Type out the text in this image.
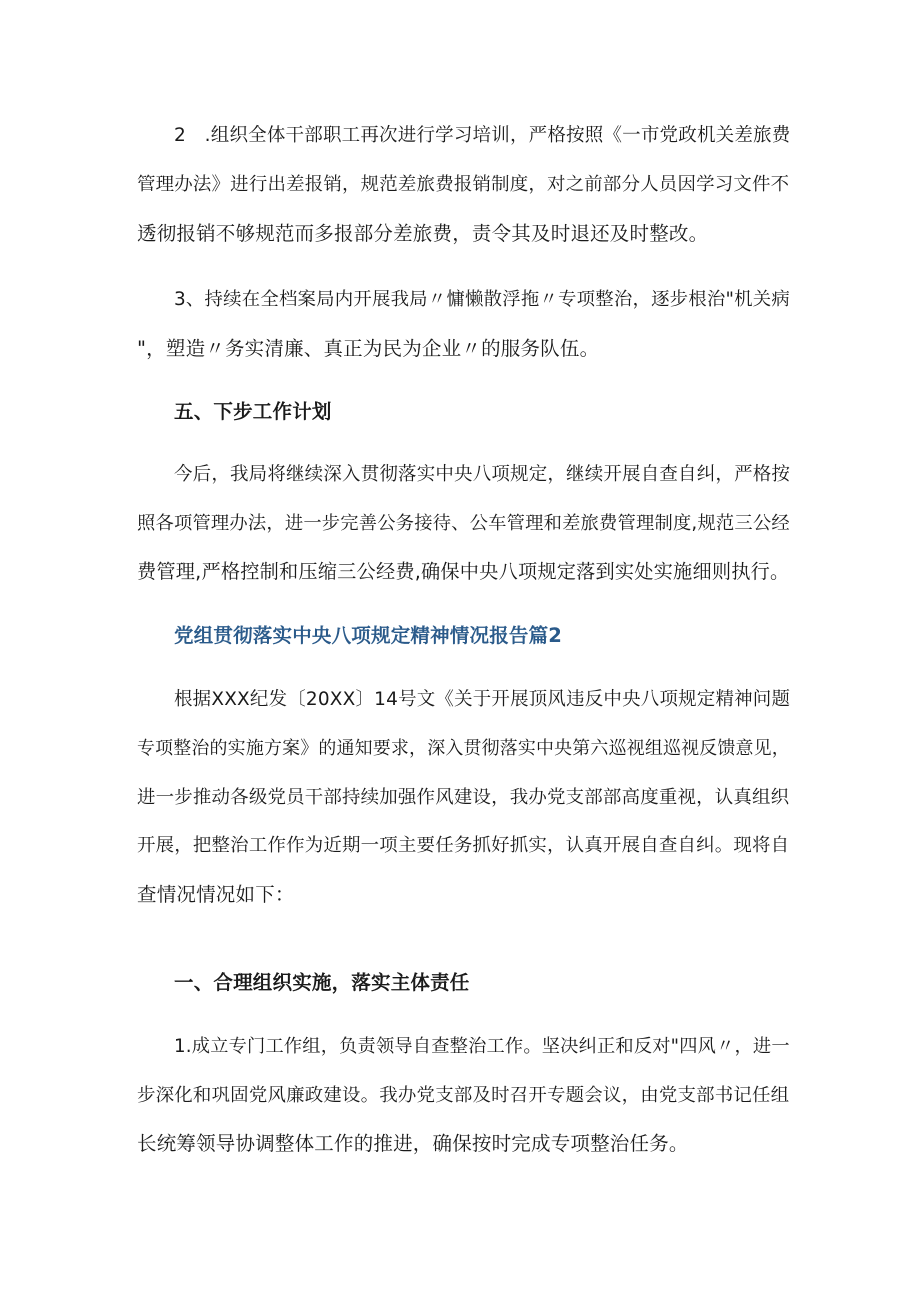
2　.组织全体干部职工再次进行学习培训，严格按照《一市党政机关差旅费
管理办法》进行出差报销，规范差旅费报销制度，对之前部分人员因学习文件不
透彻报销不够规范而多报部分差旅费，责令其及时退还及时整改。
3、持续在全档案局内开展我局〃慵懒散浮拖〃专项整治，逐步根治"机关病
"，塑造〃务实清廉、真正为民为企业〃的服务队伍。
五、下步工作计划
今后，我局将继续深入贯彻落实中央八项规定，继续开展自查自纠，严格按
照各项管理办法，进一步完善公务接待、公车管理和差旅费管理制度,规范三公经
费管理,严格控制和压缩三公经费,确保中央八项规定落到实处实施细则执行。
党组贯彻落实中央八项规定精神情况报告篇2
根据XXX纪发〔20XX〕14号文《关于开展顶风违反中央八项规定精神问题
专项整治的实施方案》的通知要求，深入贯彻落实中央第六巡视组巡视反馈意见，
进一步推动各级党员干部持续加强作风建设，我办党支部部高度重视，认真组织
开展，把整治工作作为近期一项主要任务抓好抓实，认真开展自查自纠。现将自
查情况情况如下：
一、合理组织实施，落实主体责任
1.成立专门工作组，负责领导自查整治工作。坚决纠正和反对"四风〃，进一
步深化和巩固党风廉政建设。我办党支部及时召开专题会议，由党支部书记任组
长统筹领导协调整体工作的推进，确保按时完成专项整治任务。
